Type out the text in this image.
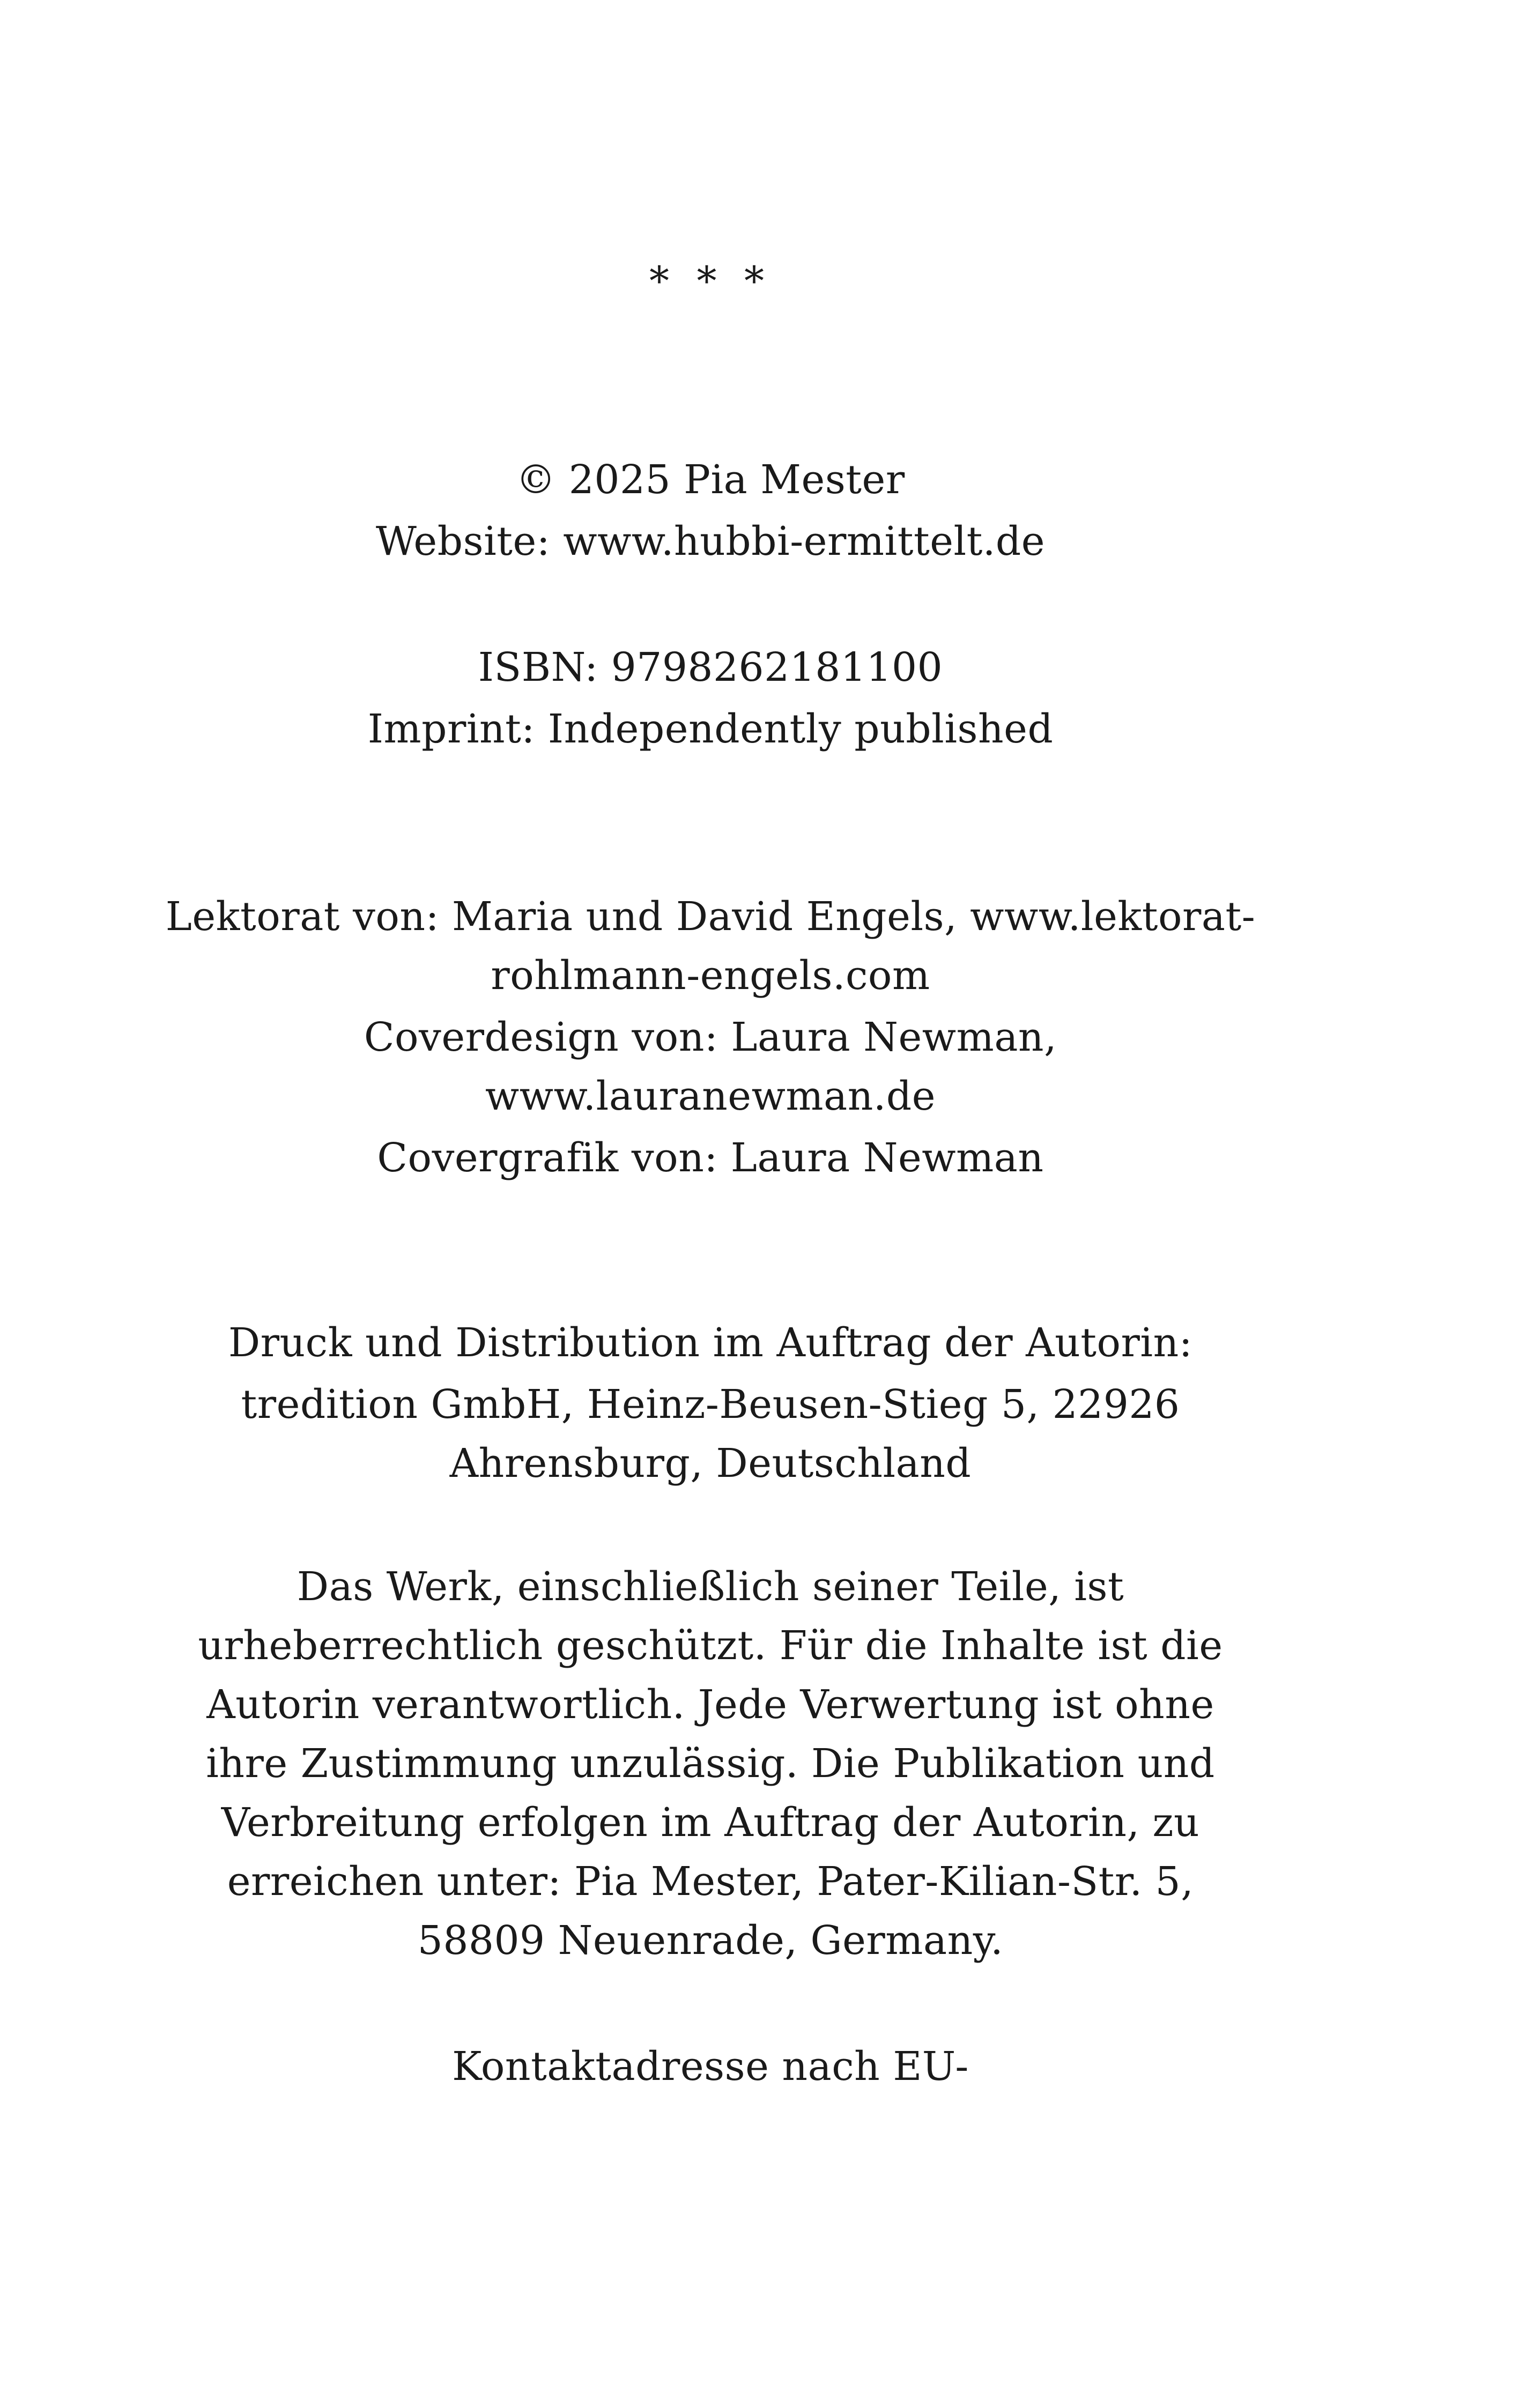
* * *
© 2025 Pia Mester
Website: www.hubbi-ermittelt.de
ISBN: 9798262181100
Imprint: Independently published
Lektorat von: Maria und David Engels, www.lektorat-
rohlmann-engels.com
Coverdesign von: Laura Newman,
www.lauranewman.de
Covergrafik von: Laura Newman
Druck und Distribution im Auftrag der Autorin:
tredition GmbH, Heinz-Beusen-Stieg 5, 22926
Ahrensburg, Deutschland
Das Werk, einschließlich seiner Teile, ist
urheberrechtlich geschützt. Für die Inhalte ist die
Autorin verantwortlich. Jede Verwertung ist ohne
ihre Zustimmung unzulässig. Die Publikation und
Verbreitung erfolgen im Auftrag der Autorin, zu
erreichen unter: Pia Mester, Pater-Kilian-Str. 5,
58809 Neuenrade, Germany.
Kontaktadresse nach EU-
